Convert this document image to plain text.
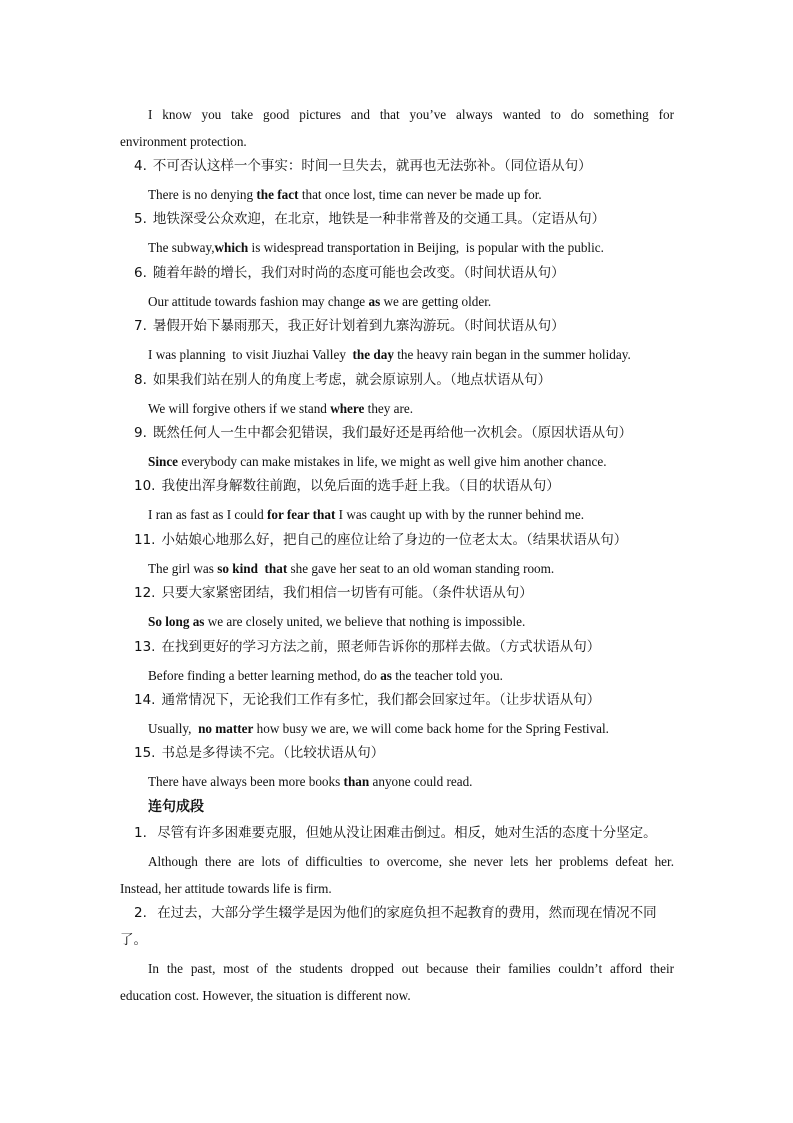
I know you take good pictures and that you’ve always wanted to do something for
environment protection.
4. 不可否认这样一个事实：时间一旦失去，就再也无法弥补。（同位语从句）
There is no denying the fact that once lost, time can never be made up for.
5. 地铁深受公众欢迎，在北京，地铁是一种非常普及的交通工具。（定语从句）
The subway,which is widespread transportation in Beijing,  is popular with the public.
6. 随着年龄的增长，我们对时尚的态度可能也会改变。（时间状语从句）
Our attitude towards fashion may change as we are getting older.
7. 暑假开始下暴雨那天，我正好计划着到九寨沟游玩。（时间状语从句）
I was planning  to visit Jiuzhai Valley  the day the heavy rain began in the summer holiday.
8. 如果我们站在别人的角度上考虑，就会原谅别人。（地点状语从句）
We will forgive others if we stand where they are.
9. 既然任何人一生中都会犯错误，我们最好还是再给他一次机会。（原因状语从句）
Since everybody can make mistakes in life, we might as well give him another chance.
10. 我使出浑身解数往前跑，以免后面的选手赶上我。（目的状语从句）
I ran as fast as I could for fear that I was caught up with by the runner behind me.
11. 小姑娘心地那么好，把自己的座位让给了身边的一位老太太。（结果状语从句）
The girl was so kind  that she gave her seat to an old woman standing room.
12. 只要大家紧密团结，我们相信一切皆有可能。（条件状语从句）
So long as we are closely united, we believe that nothing is impossible.
13. 在找到更好的学习方法之前，照老师告诉你的那样去做。（方式状语从句）
Before finding a better learning method, do as the teacher told you.
14. 通常情况下，无论我们工作有多忙，我们都会回家过年。（让步状语从句）
Usually,  no matter how busy we are, we will come back home for the Spring Festival.
15. 书总是多得读不完。（比较状语从句）
There have always been more books than anyone could read.
连句成段
1. 尽管有许多困难要克服，但她从没让困难击倒过。相反，她对生活的态度十分坚定。
Although there are lots of difficulties to overcome, she never lets her problems defeat her.
Instead, her attitude towards life is firm.
2. 在过去，大部分学生辍学是因为他们的家庭负担不起教育的费用，然而现在情况不同
了。
In the past, most of the students dropped out because their families couldn’t afford their
education cost. However, the situation is different now.
